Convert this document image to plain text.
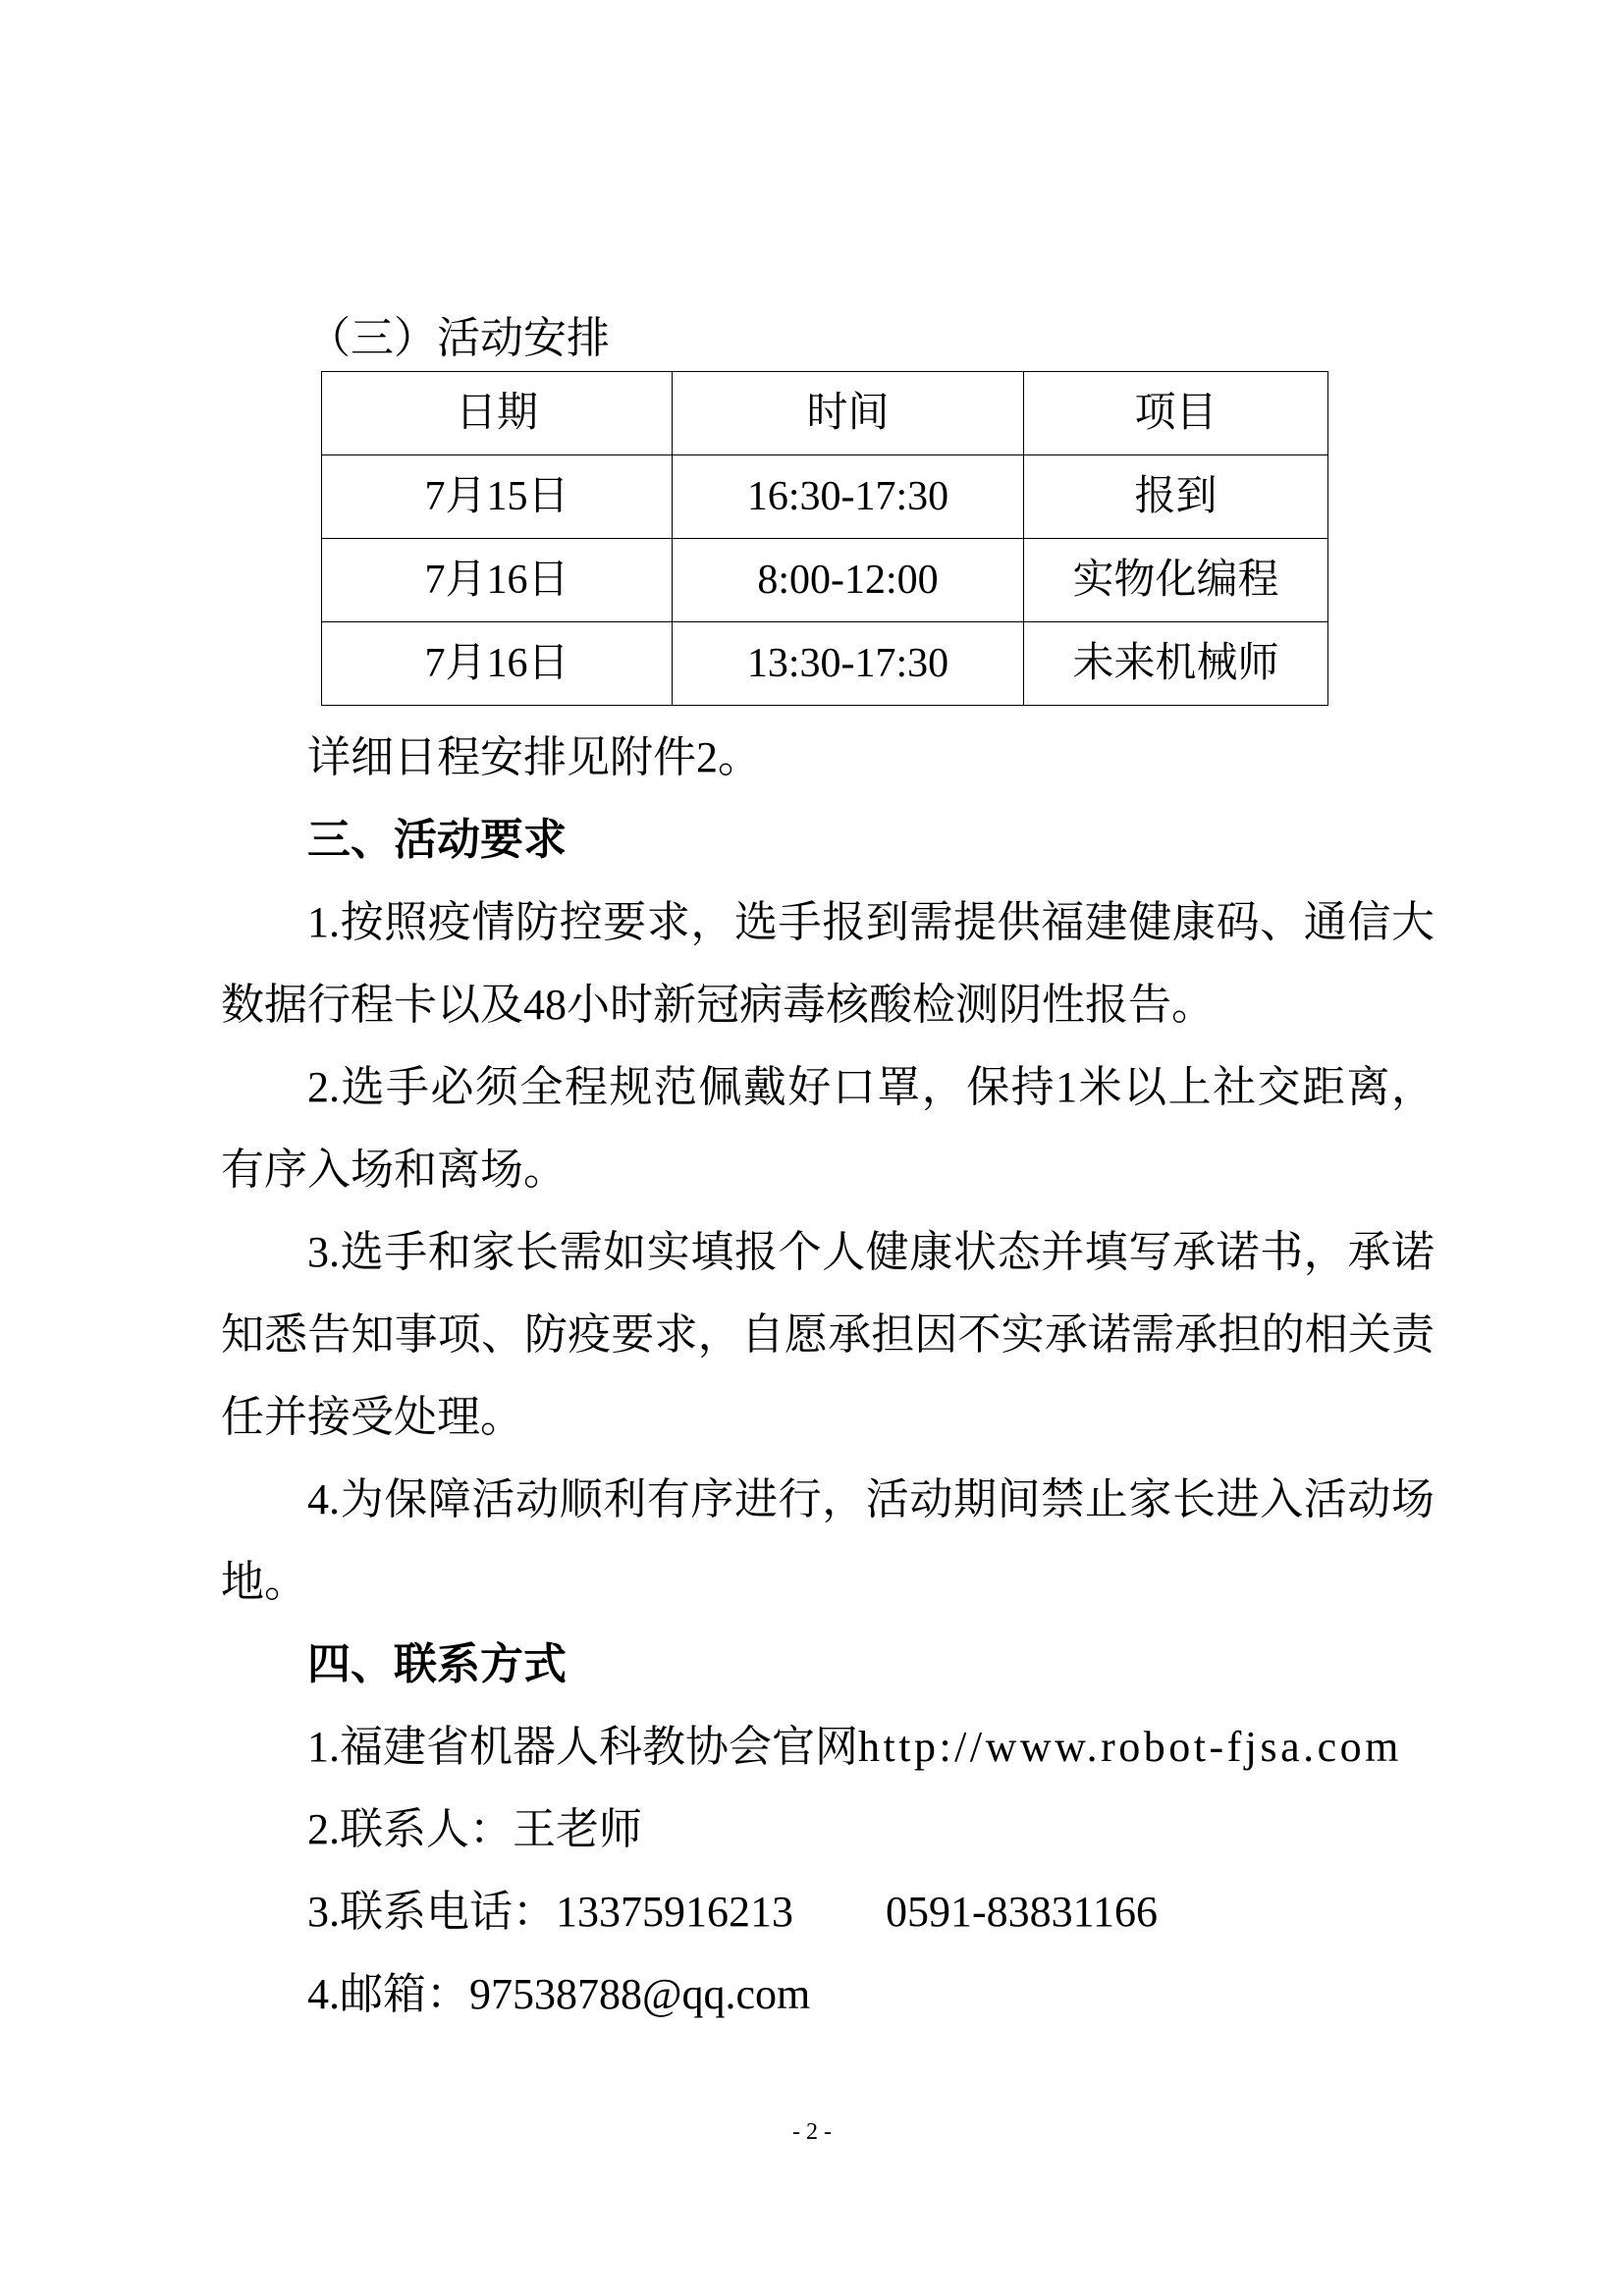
（三）活动安排
日期	时间	项目
7月15日	16:30-17:30	报到
7月16日	8:00-12:00	实物化编程
7月16日	13:30-17:30	未来机械师
详细日程安排见附件2。
三、活动要求
1.按照疫情防控要求，选手报到需提供福建健康码、通信大
数据行程卡以及48小时新冠病毒核酸检测阴性报告。
2.选手必须全程规范佩戴好口罩，保持1米以上社交距离，
有序入场和离场。
3.选手和家长需如实填报个人健康状态并填写承诺书，承诺
知悉告知事项、防疫要求，自愿承担因不实承诺需承担的相关责
任并接受处理。
4.为保障活动顺利有序进行，活动期间禁止家长进入活动场
地。
四、联系方式
1.福建省机器人科教协会官网http://www.robot-fjsa.com
2.联系人：王老师
3.联系电话：13375916213 0591-83831166
4.邮箱：97538788@qq.com
- 2 -
